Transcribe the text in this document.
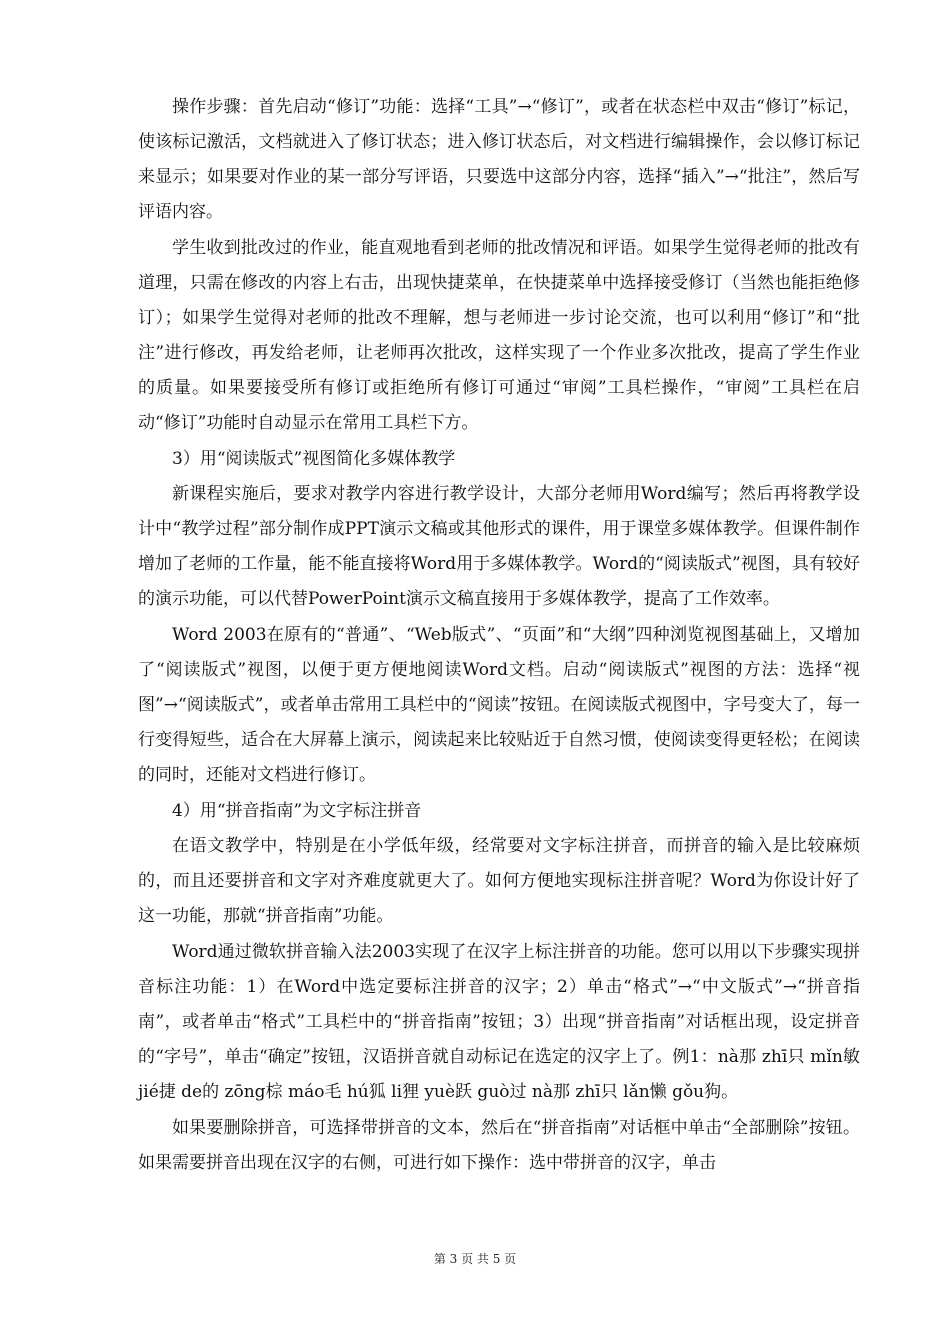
操作步骤：首先启动“修订”功能：选择“工具”→“修订”，或者在状态栏中双击“修订”标记，使该标记激活，文档就进入了修订状态；进入修订状态后，对文档进行编辑操作，会以修订标记来显示；如果要对作业的某一部分写评语，只要选中这部分内容，选择“插入”→“批注”，然后写评语内容。

学生收到批改过的作业，能直观地看到老师的批改情况和评语。如果学生觉得老师的批改有道理，只需在修改的内容上右击，出现快捷菜单，在快捷菜单中选择接受修订（当然也能拒绝修订）；如果学生觉得对老师的批改不理解，想与老师进一步讨论交流，也可以利用“修订”和“批注”进行修改，再发给老师，让老师再次批改，这样实现了一个作业多次批改，提高了学生作业的质量。如果要接受所有修订或拒绝所有修订可通过“审阅”工具栏操作，“审阅”工具栏在启动“修订”功能时自动显示在常用工具栏下方。

3）用“阅读版式”视图简化多媒体教学

新课程实施后，要求对教学内容进行教学设计，大部分老师用Word编写；然后再将教学设计中“教学过程”部分制作成PPT演示文稿或其他形式的课件，用于课堂多媒体教学。但课件制作增加了老师的工作量，能不能直接将Word用于多媒体教学。Word的“阅读版式”视图，具有较好的演示功能，可以代替PowerPoint演示文稿直接用于多媒体教学，提高了工作效率。

Word 2003在原有的“普通”、“Web版式”、“页面”和“大纲”四种浏览视图基础上，又增加了“阅读版式”视图，以便于更方便地阅读Word文档。启动“阅读版式”视图的方法：选择“视图”→“阅读版式”，或者单击常用工具栏中的“阅读”按钮。在阅读版式视图中，字号变大了，每一行变得短些，适合在大屏幕上演示，阅读起来比较贴近于自然习惯，使阅读变得更轻松；在阅读的同时，还能对文档进行修订。

4）用“拼音指南”为文字标注拼音

在语文教学中，特别是在小学低年级，经常要对文字标注拼音，而拼音的输入是比较麻烦的，而且还要拼音和文字对齐难度就更大了。如何方便地实现标注拼音呢？Word为你设计好了这一功能，那就“拼音指南”功能。

Word通过微软拼音输入法2003实现了在汉字上标注拼音的功能。您可以用以下步骤实现拼音标注功能：1）在Word中选定要标注拼音的汉字；2）单击“格式”→“中文版式”→“拼音指南”，或者单击“格式”工具栏中的“拼音指南”按钮；3）出现“拼音指南”对话框出现，设定拼音的“字号”，单击“确定”按钮，汉语拼音就自动标记在选定的汉字上了。例1：nà那 zhī只 mǐn敏 jié捷 de的 zōng棕 máo毛 hú狐 li狸 yuè跃 guò过 nà那 zhī只 lǎn懒 gǒu狗。

如果要删除拼音，可选择带拼音的文本，然后在“拼音指南”对话框中单击“全部删除”按钮。如果需要拼音出现在汉字的右侧，可进行如下操作：选中带拼音的汉字，单击

第 3 页 共 5 页
